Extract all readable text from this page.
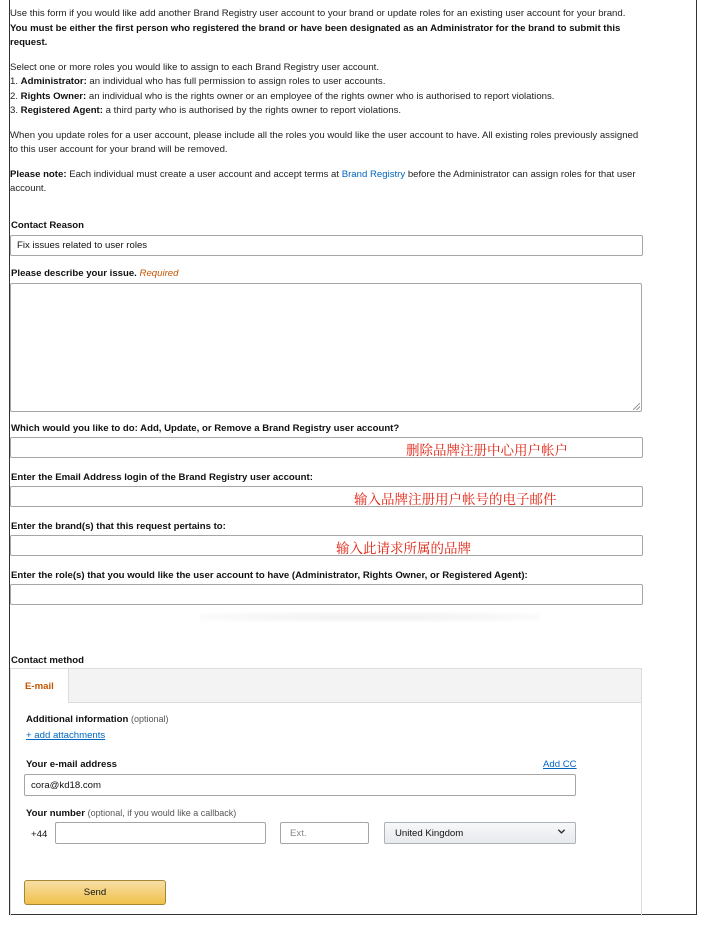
Use this form if you would like add another Brand Registry user account to your brand or update roles for an existing user account for your brand. You must be either the first person who registered the brand or have been designated as an Administrator for the brand to submit this request.

Select one or more roles you would like to assign to each Brand Registry user account.

1. Administrator: an individual who has full permission to assign roles to user accounts.

2. Rights Owner: an individual who is the rights owner or an employee of the rights owner who is authorised to report violations.

3. Registered Agent: a third party who is authorised by the rights owner to report violations.

When you update roles for a user account, please include all the roles you would like the user account to have. All existing roles previously assigned to this user account for your brand will be removed.

Please note: Each individual must create a user account and accept terms at Brand Registry before the Administrator can assign roles for that user account.

Contact Reason
Fix issues related to user roles
Please describe your issue. Required
Which would you like to do: Add, Update, or Remove a Brand Registry user account?
删除品牌注册中心用户帐户
Enter the Email Address login of the Brand Registry user account:
输入品牌注册用户帐号的电子邮件
Enter the brand(s) that this request pertains to:
输入此请求所属的品牌
Enter the role(s) that you would like the user account to have (Administrator, Rights Owner, or Registered Agent):
Contact method
E-mail
Additional information (optional)
+ add attachments
Your e-mail address	Add CC
cora@kd18.com
Your number (optional, if you would like a callback)
+44	Ext.	United Kingdom
Send
